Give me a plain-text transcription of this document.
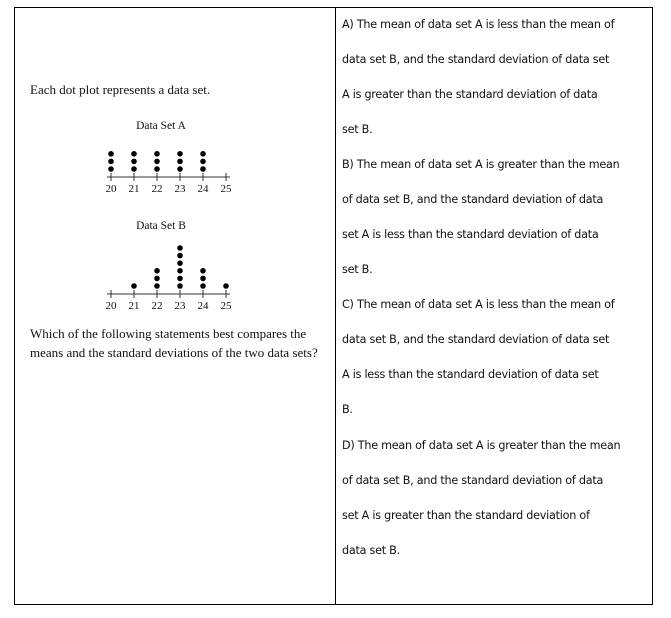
Each dot plot represents a data set.
Data Set A
20 21 22 23 24 25
Data Set B
20 21 22 23 24 25
Which of the following statements best compares the means and the standard deviations of the two data sets?
A) The mean of data set A is less than the mean of
data set B, and the standard deviation of data set
A is greater than the standard deviation of data
set B.
B) The mean of data set A is greater than the mean
of data set B, and the standard deviation of data
set A is less than the standard deviation of data
set B.
C) The mean of data set A is less than the mean of
data set B, and the standard deviation of data set
A is less than the standard deviation of data set
B.
D) The mean of data set A is greater than the mean
of data set B, and the standard deviation of data
set A is greater than the standard deviation of
data set B.
